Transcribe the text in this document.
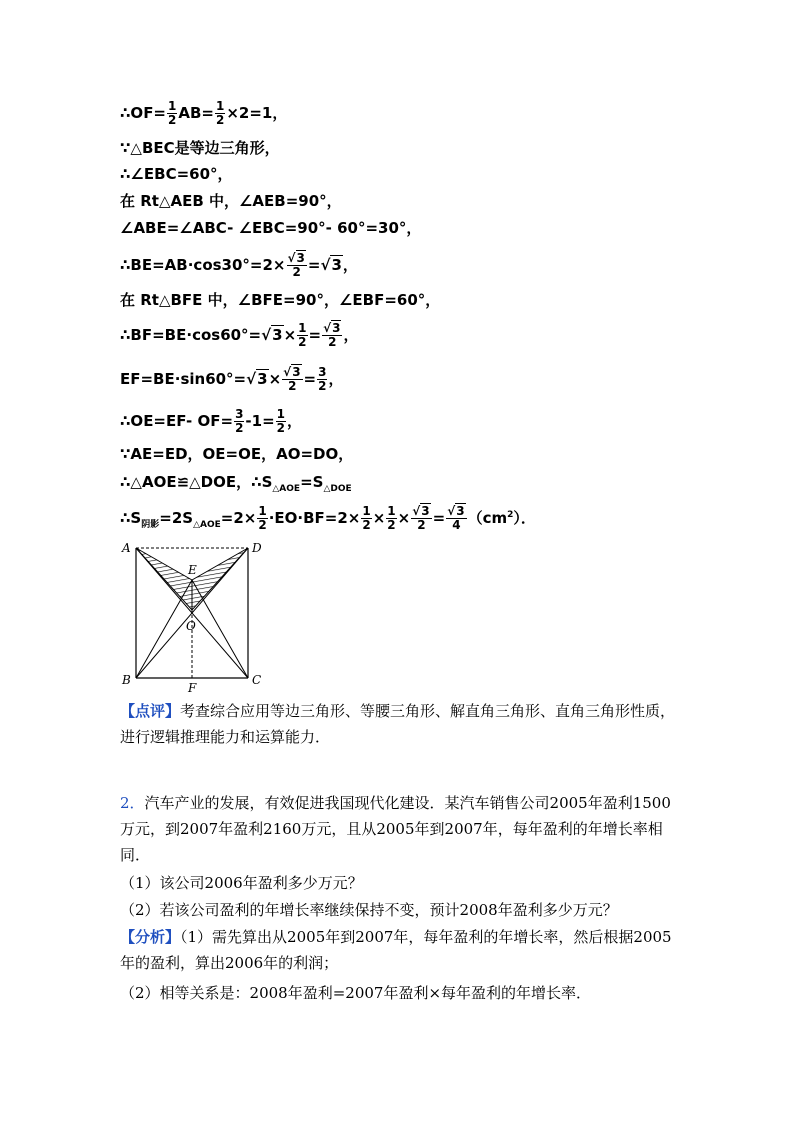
∴OF= $\frac{1}{2} AB= \frac{1}{2} \times 2=1$，
∵△BEC是等边三角形，
∴∠EBC=60°，
在 Rt△AEB 中，∠AEB=90°，
∠ABE=∠ABC- ∠EBC=90°- 60°=30°，
∴BE=AB·cos30°=2× $\frac{√3}{2} =√3$，
在 Rt△BFE 中，∠BFE=90°，∠EBF=60°，
∴BF=BE·cos60°=√3× $\frac{1}{2} = \frac{√3}{2}$ ，
$EF=BE\cdot\sin 60^\circ=√3\times \frac{√3}{2} = \frac{3}{2}$ ，
∴OE=EF- $OF= \frac{3}{2} -1= \frac{1}{2}$ ，
∵AE=ED，OE=OE，AO=DO，
∴△AOE≌△DOE，$\therefore S_{\triangle AOE}=S_{\triangle DOE}$
$\therefore S_{阴影}=2S_{\triangle AOE}=2\times \frac{1}{2} \cdot EO\cdot BF=2\times \frac{1}{2} \times \frac{1}{2} \times \frac{√3}{2} = \frac{√3}{4} (cm^2)$．
A	D
E
O
B
F
C
【点评】考查综合应用等边三角形、等腰三角形、解直角三角形、直角三角形性质，进行逻辑推理能力和运算能力．
2．汽车产业的发展，有效促进我国现代化建设．某汽车销售公司2005年盈利1500万元，到2007年盈利2160万元，且从2005年到2007年，每年盈利的年增长率相同．
（1）该公司2006年盈利多少万元？
（2）若该公司盈利的年增长率继续保持不变，预计2008年盈利多少万元？
【分析】（1）需先算出从2005年到2007年，每年盈利的年增长率，然后根据2005年的盈利，算出2006年的利润；
（2）相等关系是：2008年盈利=2007年盈利×每年盈利的年增长率．
